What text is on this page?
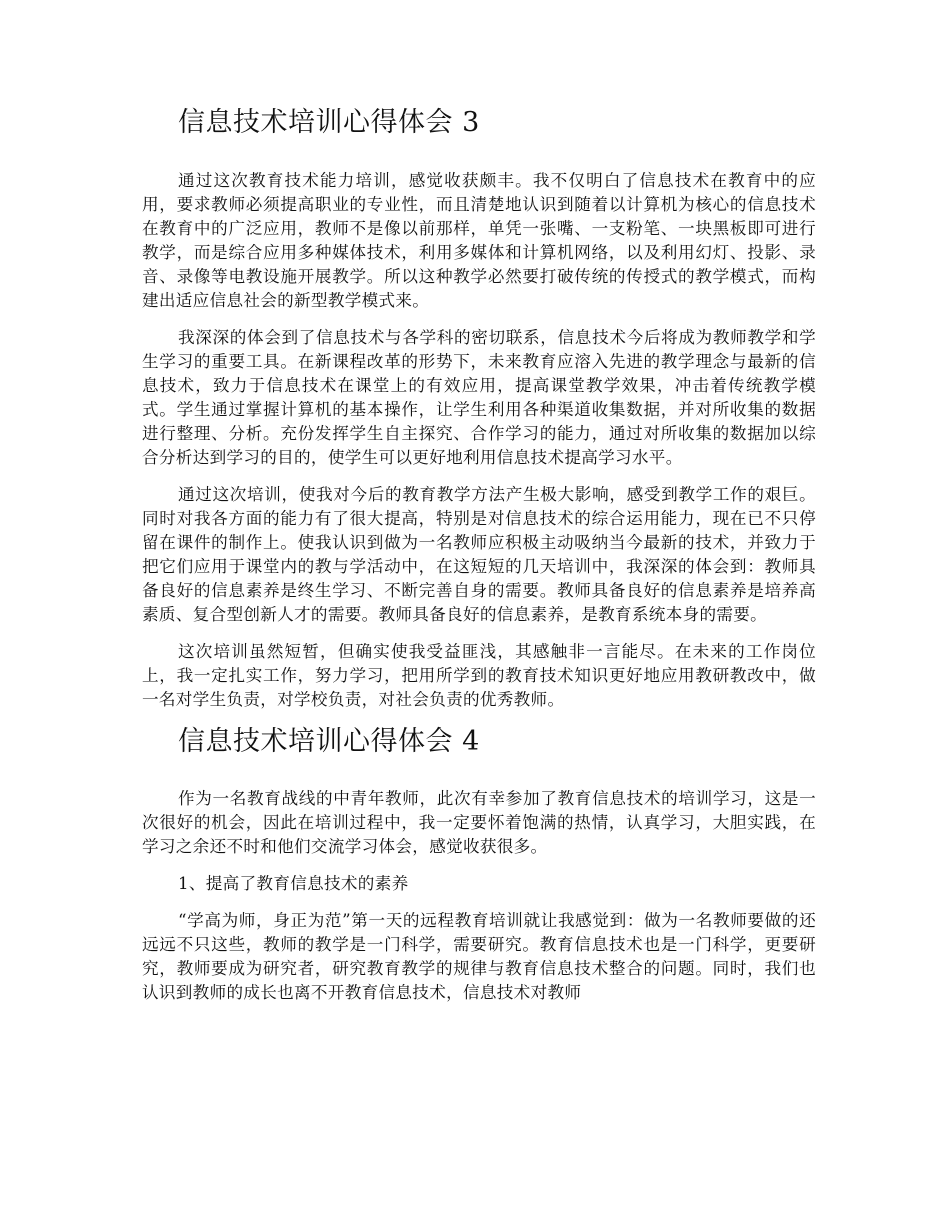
信息技术培训心得体会 3

通过这次教育技术能力培训，感觉收获颇丰。我不仅明白了信息技术在教育中的应用，要求教师必须提高职业的专业性，而且清楚地认识到随着以计算机为核心的信息技术在教育中的广泛应用，教师不是像以前那样，单凭一张嘴、一支粉笔、一块黑板即可进行教学，而是综合应用多种媒体技术，利用多媒体和计算机网络，以及利用幻灯、投影、录音、录像等电教设施开展教学。所以这种教学必然要打破传统的传授式的教学模式，而构建出适应信息社会的新型教学模式来。

我深深的体会到了信息技术与各学科的密切联系，信息技术今后将成为教师教学和学生学习的重要工具。在新课程改革的形势下，未来教育应溶入先进的教学理念与最新的信息技术，致力于信息技术在课堂上的有效应用，提高课堂教学效果，冲击着传统教学模式。学生通过掌握计算机的基本操作，让学生利用各种渠道收集数据，并对所收集的数据进行整理、分析。充份发挥学生自主探究、合作学习的能力，通过对所收集的数据加以综合分析达到学习的目的，使学生可以更好地利用信息技术提高学习水平。

通过这次培训，使我对今后的教育教学方法产生极大影响，感受到教学工作的艰巨。同时对我各方面的能力有了很大提高，特别是对信息技术的综合运用能力，现在已不只停留在课件的制作上。使我认识到做为一名教师应积极主动吸纳当今最新的技术，并致力于把它们应用于课堂内的教与学活动中，在这短短的几天培训中，我深深的体会到：教师具备良好的信息素养是终生学习、不断完善自身的需要。教师具备良好的信息素养是培养高素质、复合型创新人才的需要。教师具备良好的信息素养，是教育系统本身的需要。

这次培训虽然短暂，但确实使我受益匪浅，其感触非一言能尽。在未来的工作岗位上，我一定扎实工作，努力学习，把用所学到的教育技术知识更好地应用教研教改中，做一名对学生负责，对学校负责，对社会负责的优秀教师。

信息技术培训心得体会 4

作为一名教育战线的中青年教师，此次有幸参加了教育信息技术的培训学习，这是一次很好的机会，因此在培训过程中，我一定要怀着饱满的热情，认真学习，大胆实践，在学习之余还不时和他们交流学习体会，感觉收获很多。

1、提高了教育信息技术的素养

“学高为师，身正为范”第一天的远程教育培训就让我感觉到：做为一名教师要做的还远远不只这些，教师的教学是一门科学，需要研究。教育信息技术也是一门科学，更要研究，教师要成为研究者，研究教育教学的规律与教育信息技术整合的问题。同时，我们也认识到教师的成长也离不开教育信息技术，信息技术对教师
